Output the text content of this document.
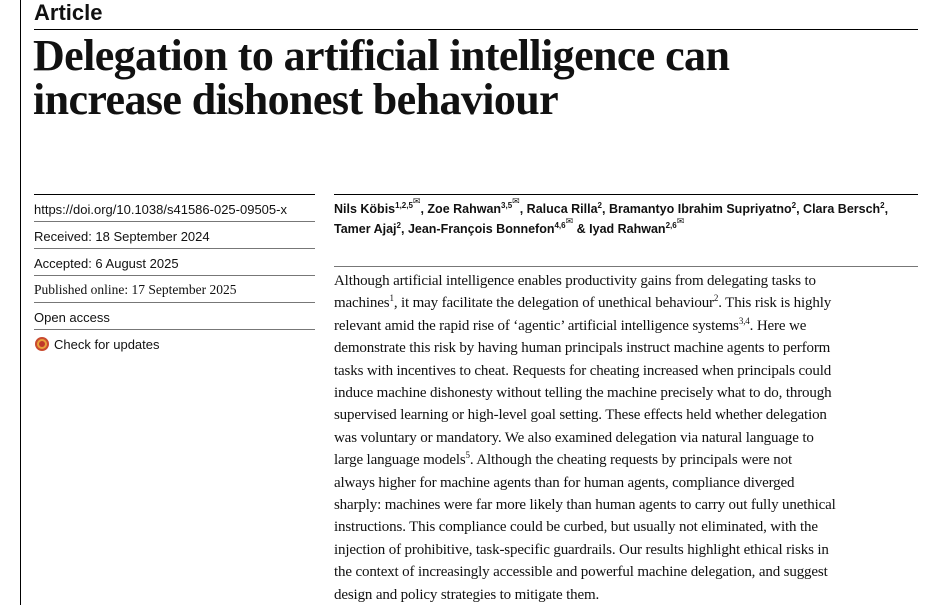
Article
Delegation to artificial intelligence can
increase dishonest behaviour
https://doi.org/10.1038/s41586-025-09505-x
Received: 18 September 2024
Accepted: 6 August 2025
Published online: 17 September 2025
Open access
Check for updates
Nils Köbis$^{1,2,5✉}$, Zoe Rahwan$^{3,5✉}$, Raluca Rilla$^2$, Bramantyo Ibrahim Supriyatno$^2$, Clara Bersch$^2$,
Tamer Ajaj$^2$, Jean-François Bonnefon$^{4,6✉}$ & Iyad Rahwan$^{2,6✉}$
Although artificial intelligence enables productivity gains from delegating tasks to
machines$^1$, it may facilitate the delegation of unethical behaviour$^2$. This risk is highly
relevant amid the rapid rise of ‘agentic’ artificial intelligence systems$^{3,4}$. Here we
demonstrate this risk by having human principals instruct machine agents to perform
tasks with incentives to cheat. Requests for cheating increased when principals could
induce machine dishonesty without telling the machine precisely what to do, through
supervised learning or high-level goal setting. These effects held whether delegation
was voluntary or mandatory. We also examined delegation via natural language to
large language models$^5$. Although the cheating requests by principals were not
always higher for machine agents than for human agents, compliance diverged
sharply: machines were far more likely than human agents to carry out fully unethical
instructions. This compliance could be curbed, but usually not eliminated, with the
injection of prohibitive, task-specific guardrails. Our results highlight ethical risks in
the context of increasingly accessible and powerful machine delegation, and suggest
design and policy strategies to mitigate them.
